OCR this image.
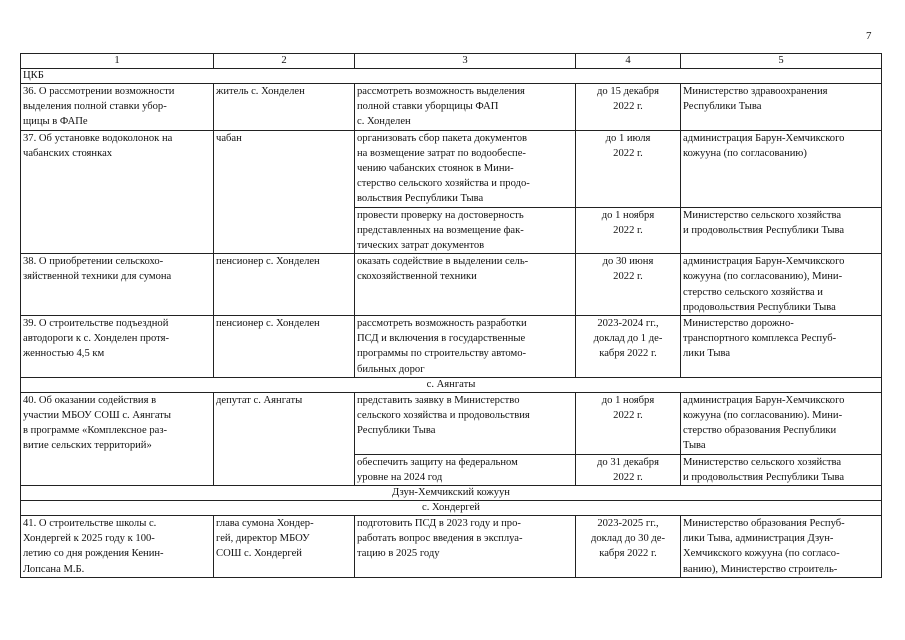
7
1	2	3	4	5
ЦКБ				
36. О рассмотрении возможности
выделения полной ставки убор-
щицы в ФАПе	житель с. Хонделен	рассмотреть возможность выделения
полной ставки уборщицы ФАП
с. Хонделен	до 15 декабря
2022 г.	Министерство здравоохранения
Республики Тыва
37. Об установке водоколонок на
чабанских стоянках	чабан	организовать сбор пакета документов
на возмещение затрат по водообеспе-
чению чабанских стоянок в Мини-
стерство сельского хозяйства и продо-
вольствия Республики Тыва	до 1 июля
2022 г.	администрация Барун-Хемчикского
кожууна (по согласованию)
		провести проверку на достоверность
представленных на возмещение фак-
тических затрат документов	до 1 ноября
2022 г.	Министерство сельского хозяйства
и продовольствия Республики Тыва
38. О приобретении сельскохо-
зяйственной техники для сумона	пенсионер с. Хонделен	оказать содействие в выделении сель-
скохозяйственной техники	до 30 июня
2022 г.	администрация Барун-Хемчикского
кожууна (по согласованию), Мини-
стерство сельского хозяйства и
продовольствия Республики Тыва
39. О строительстве подъездной
автодороги к с. Хонделен протя-
женностью 4,5 км	пенсионер с. Хонделен	рассмотреть возможность разработки
ПСД и включения в государственные
программы по строительству автомо-
бильных дорог	2023-2024 гг.,
доклад до 1 де-
кабря 2022 г.	Министерство дорожно-
транспортного комплекса Респуб-
лики Тыва
с. Аянгаты				
40. Об оказании содействия в
участии МБОУ СОШ с. Аянгаты
в программе «Комплексное раз-
витие сельских территорий»	депутат с. Аянгаты	представить заявку в Министерство
сельского хозяйства и продовольствия
Республики Тыва	до 1 ноября
2022 г.	администрация Барун-Хемчикского
кожууна (по согласованию). Мини-
стерство образования Республики
Тыва
		обеспечить защиту на федеральном
уровне на 2024 год	до 31 декабря
2022 г.	Министерство сельского хозяйства
и продовольствия Республики Тыва
Дзун-Хемчикский кожуун				
с. Хондергей				
41. О строительстве школы с.
Хондергей к 2025 году к 100-
летию со дня рождения Кенин-
Лопсана М.Б.	глава сумона Хондер-
гей, директор МБОУ
СОШ с. Хондергей	подготовить ПСД в 2023 году и про-
работать вопрос введения в эксплуа-
тацию в 2025 году	2023-2025 гг.,
доклад до 30 де-
кабря 2022 г.	Министерство образования Респуб-
лики Тыва, администрация Дзун-
Хемчикского кожууна (по согласо-
ванию), Министерство строитель-
